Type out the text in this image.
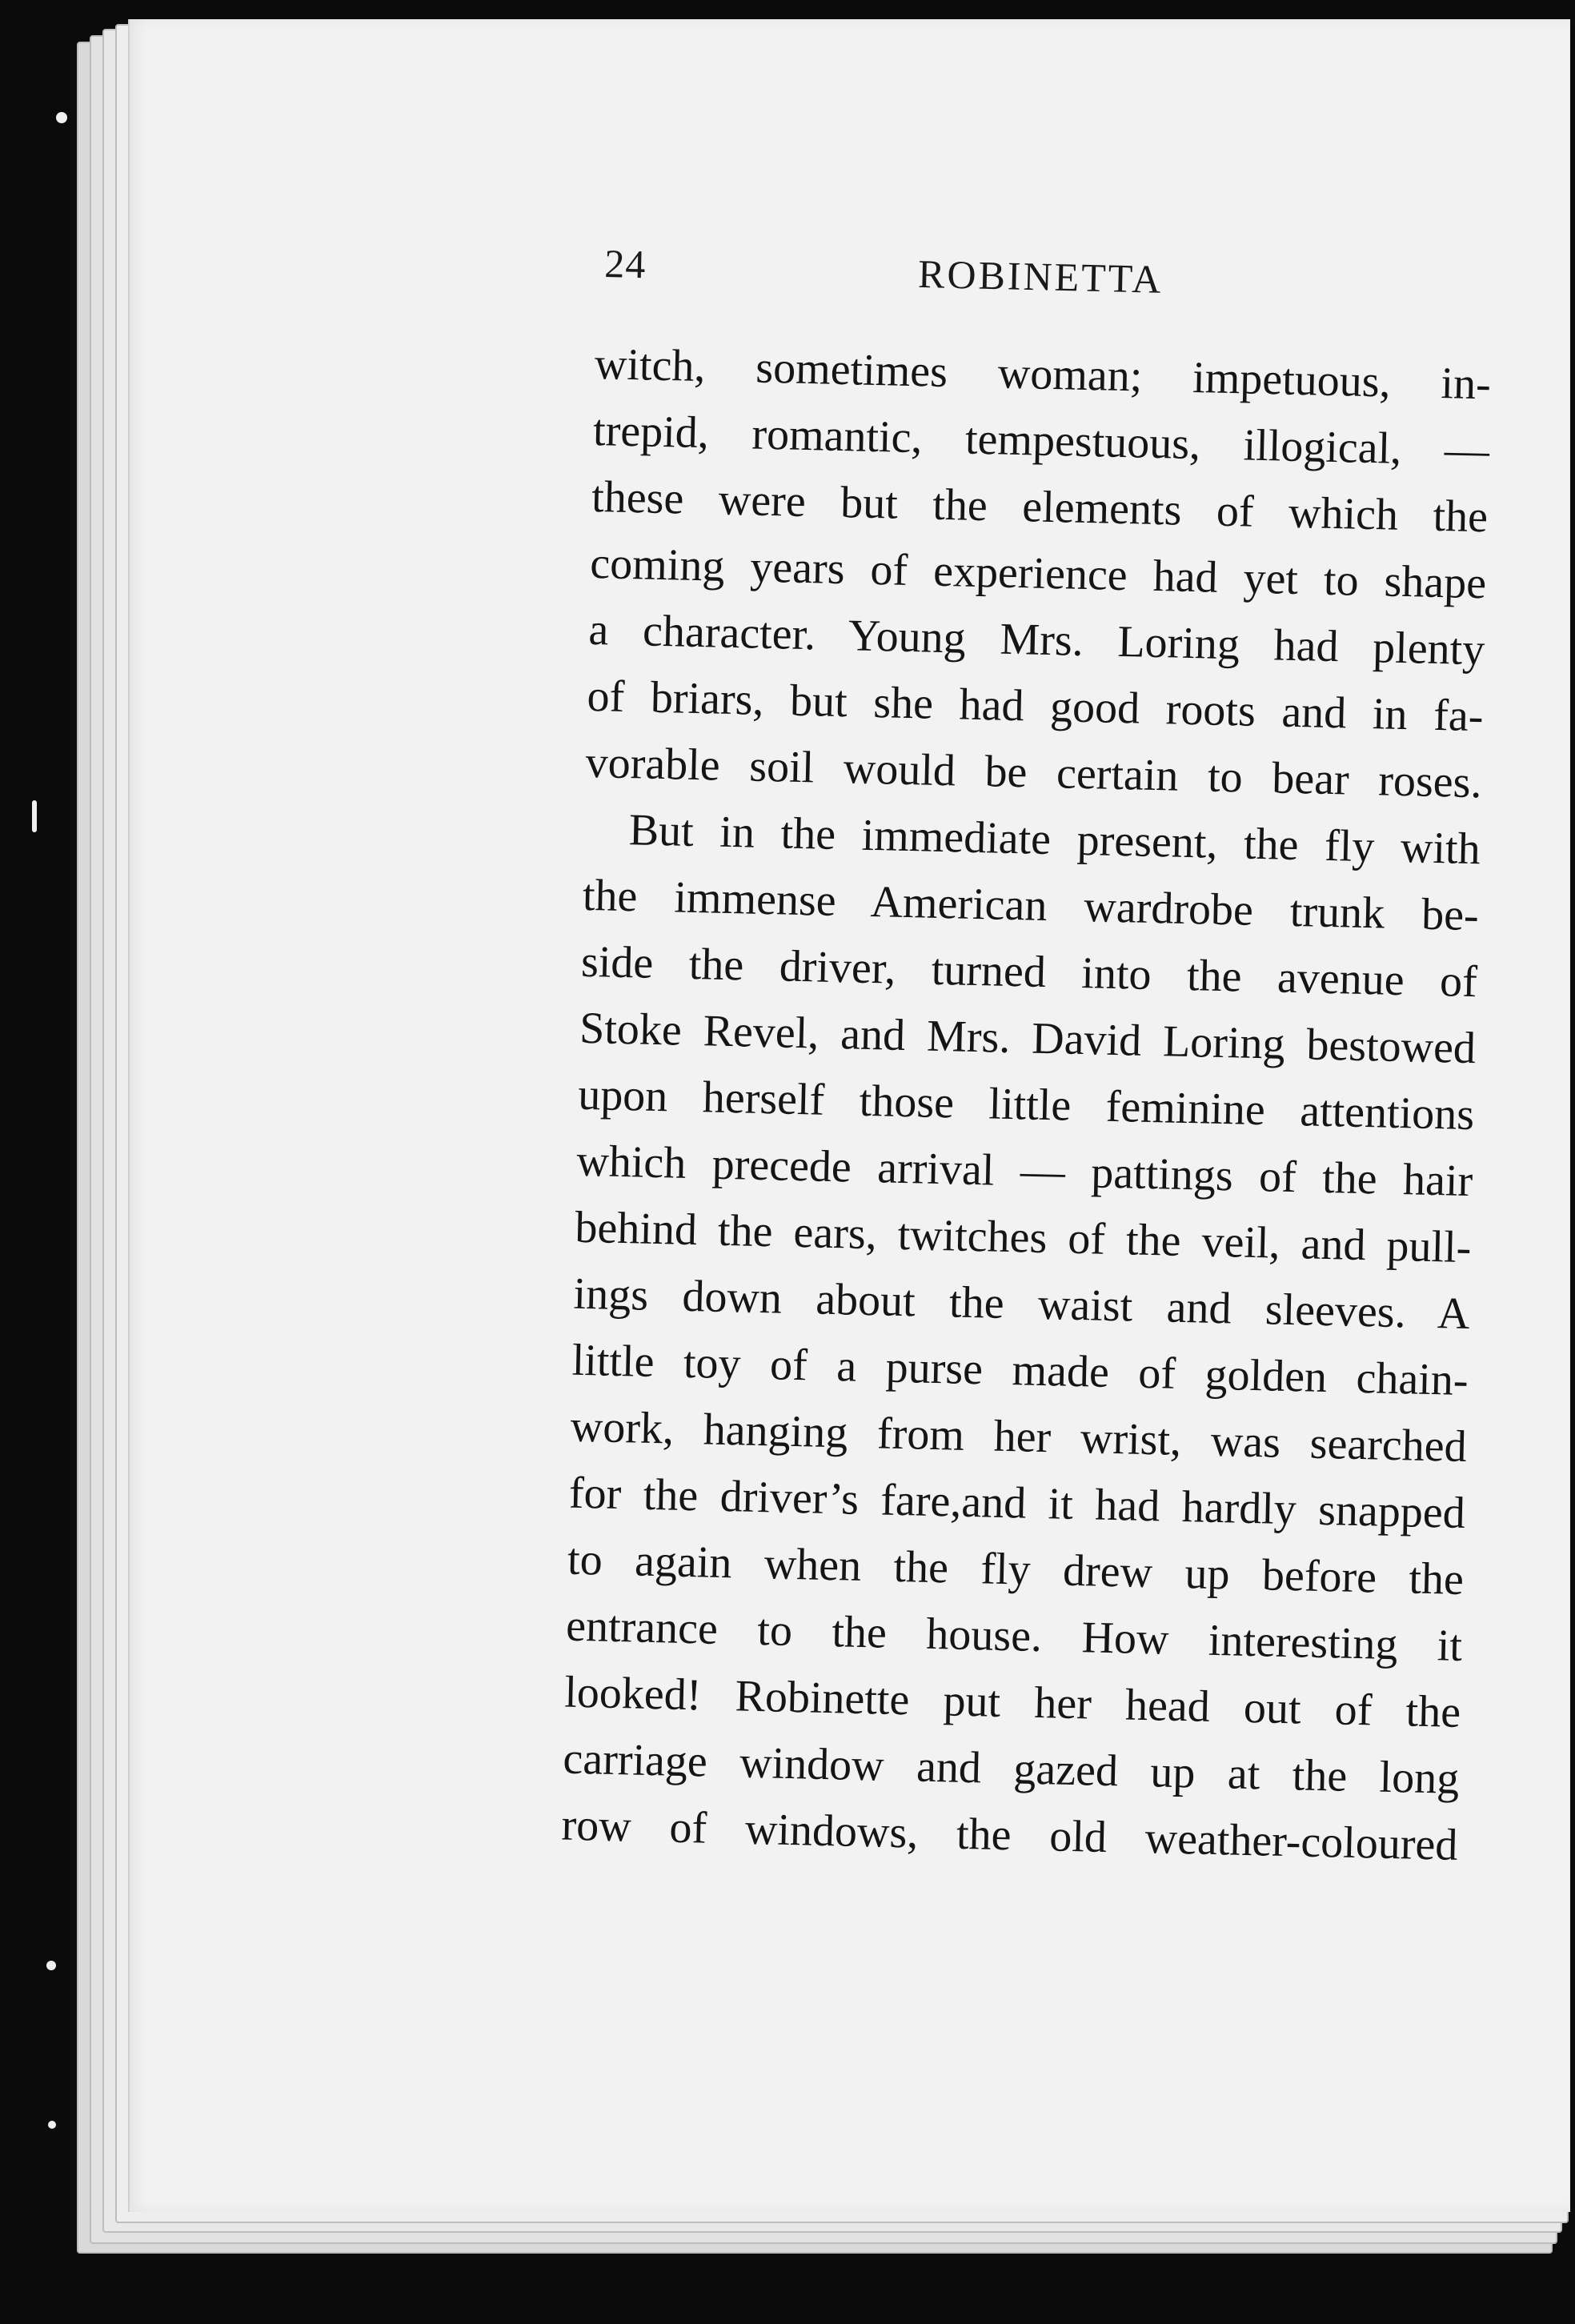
24	ROBINETTA
witch, sometimes woman; impetuous, in-
trepid, romantic, tempestuous, illogical, —
these were but the elements of which the
coming years of experience had yet to shape
a character. Young Mrs. Loring had plenty
of briars, but she had good roots and in fa-
vorable soil would be certain to bear roses.
But in the immediate present, the fly with
the immense American wardrobe trunk be-
side the driver, turned into the avenue of
Stoke Revel, and Mrs. David Loring bestowed
upon herself those little feminine attentions
which precede arrival — pattings of the hair
behind the ears, twitches of the veil, and pull-
ings down about the waist and sleeves. A
little toy of a purse made of golden chain-
work, hanging from her wrist, was searched
for the driver’s fare,and it had hardly snapped
to again when the fly drew up before the
entrance to the house. How interesting it
looked! Robinette put her head out of the
carriage window and gazed up at the long
row of windows, the old weather-coloured
